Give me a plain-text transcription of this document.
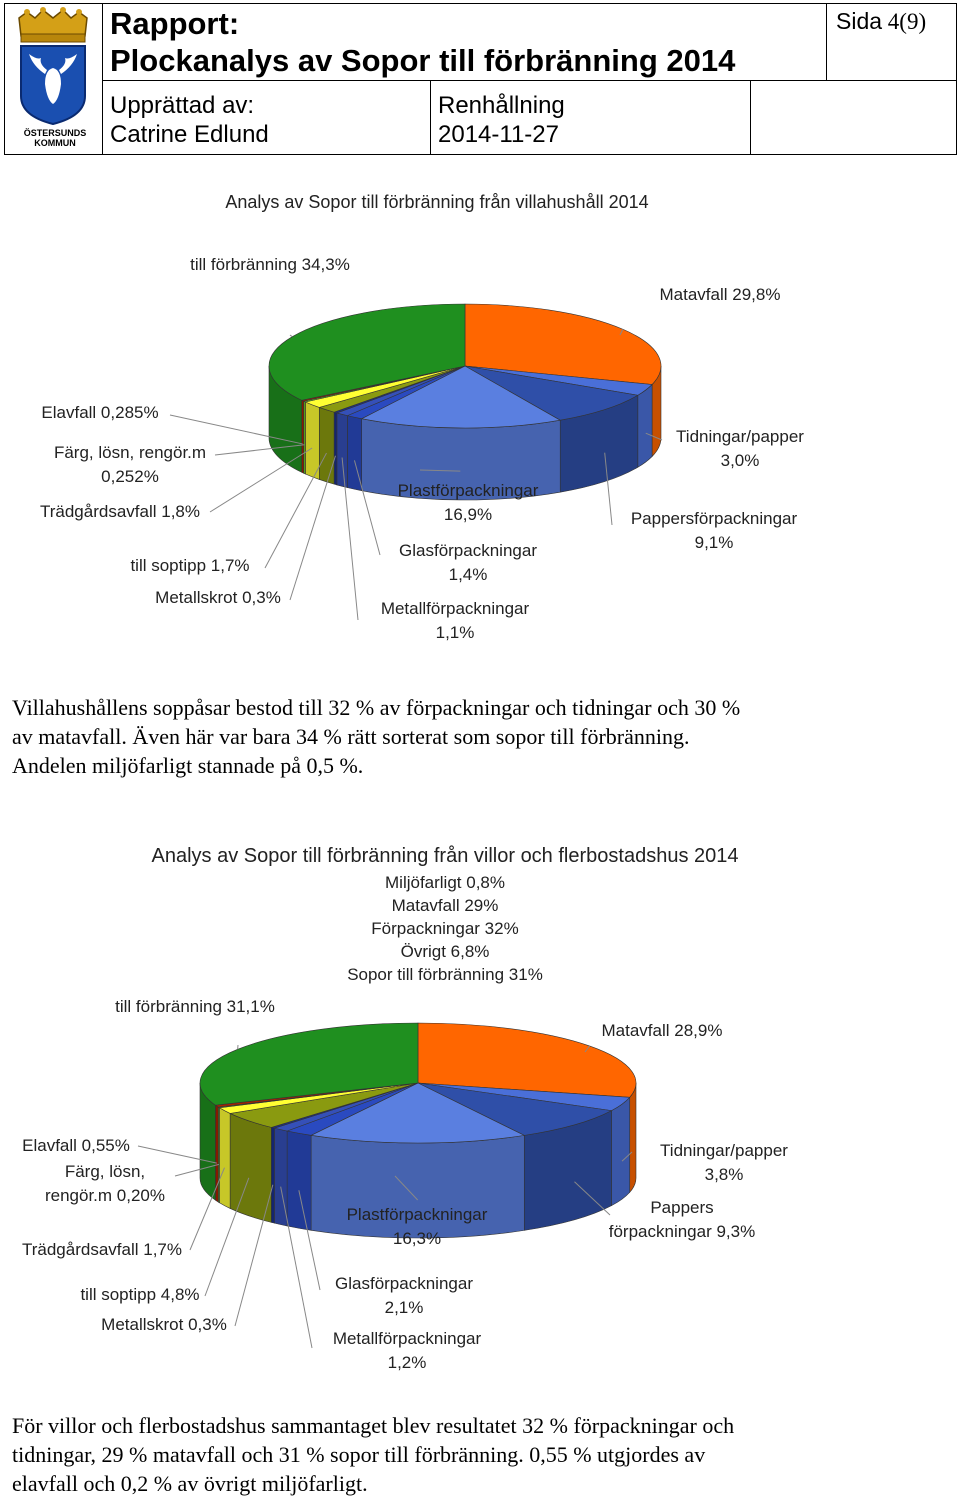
ÖSTERSUNDS
KOMMUN
Rapport:
Plockanalys av Sopor till förbränning 2014
Sida 4(9)
Upprättad av:
Catrine Edlund
Renhållning
2014-11-27
Analys av Sopor till förbränning från villahushåll 2014
Matavfall 29,8%
Tidningar/papper
3,0%
Pappersförpackningar
9,1%
Plastförpackningar
16,9%
Glasförpackningar
1,4%
Metallförpackningar
1,1%
Metallskrot 0,3%
till soptipp 1,7%
Trädgårdsavfall 1,8%
Färg, lösn, rengör.m
0,252%
Elavfall 0,285%
till förbränning 34,3%
Villahushållens soppåsar bestod till 32 % av förpackningar och tidningar och 30 %
av matavfall. Även här var bara 34 % rätt sorterat som sopor till förbränning.
Andelen miljöfarligt stannade på 0,5 %.
Analys av Sopor till förbränning från villor och flerbostadshus 2014
Miljöfarligt 0,8%
Matavfall 29%
Förpackningar 32%
Övrigt 6,8%
Sopor till förbränning 31%
Matavfall 28,9%
Tidningar/papper
3,8%
Pappers
förpackningar 9,3%
Plastförpackningar
16,3%
Glasförpackningar
2,1%
Metallförpackningar
1,2%
Metallskrot 0,3%
till soptipp 4,8%
Trädgårdsavfall 1,7%
Färg, lösn,
rengör.m 0,20%
Elavfall 0,55%
till förbränning 31,1%
För villor och flerbostadshus sammantaget blev resultatet 32 % förpackningar och
tidningar, 29 % matavfall och 31 % sopor till förbränning. 0,55 % utgjordes av
elavfall och 0,2 % av övrigt miljöfarligt.
